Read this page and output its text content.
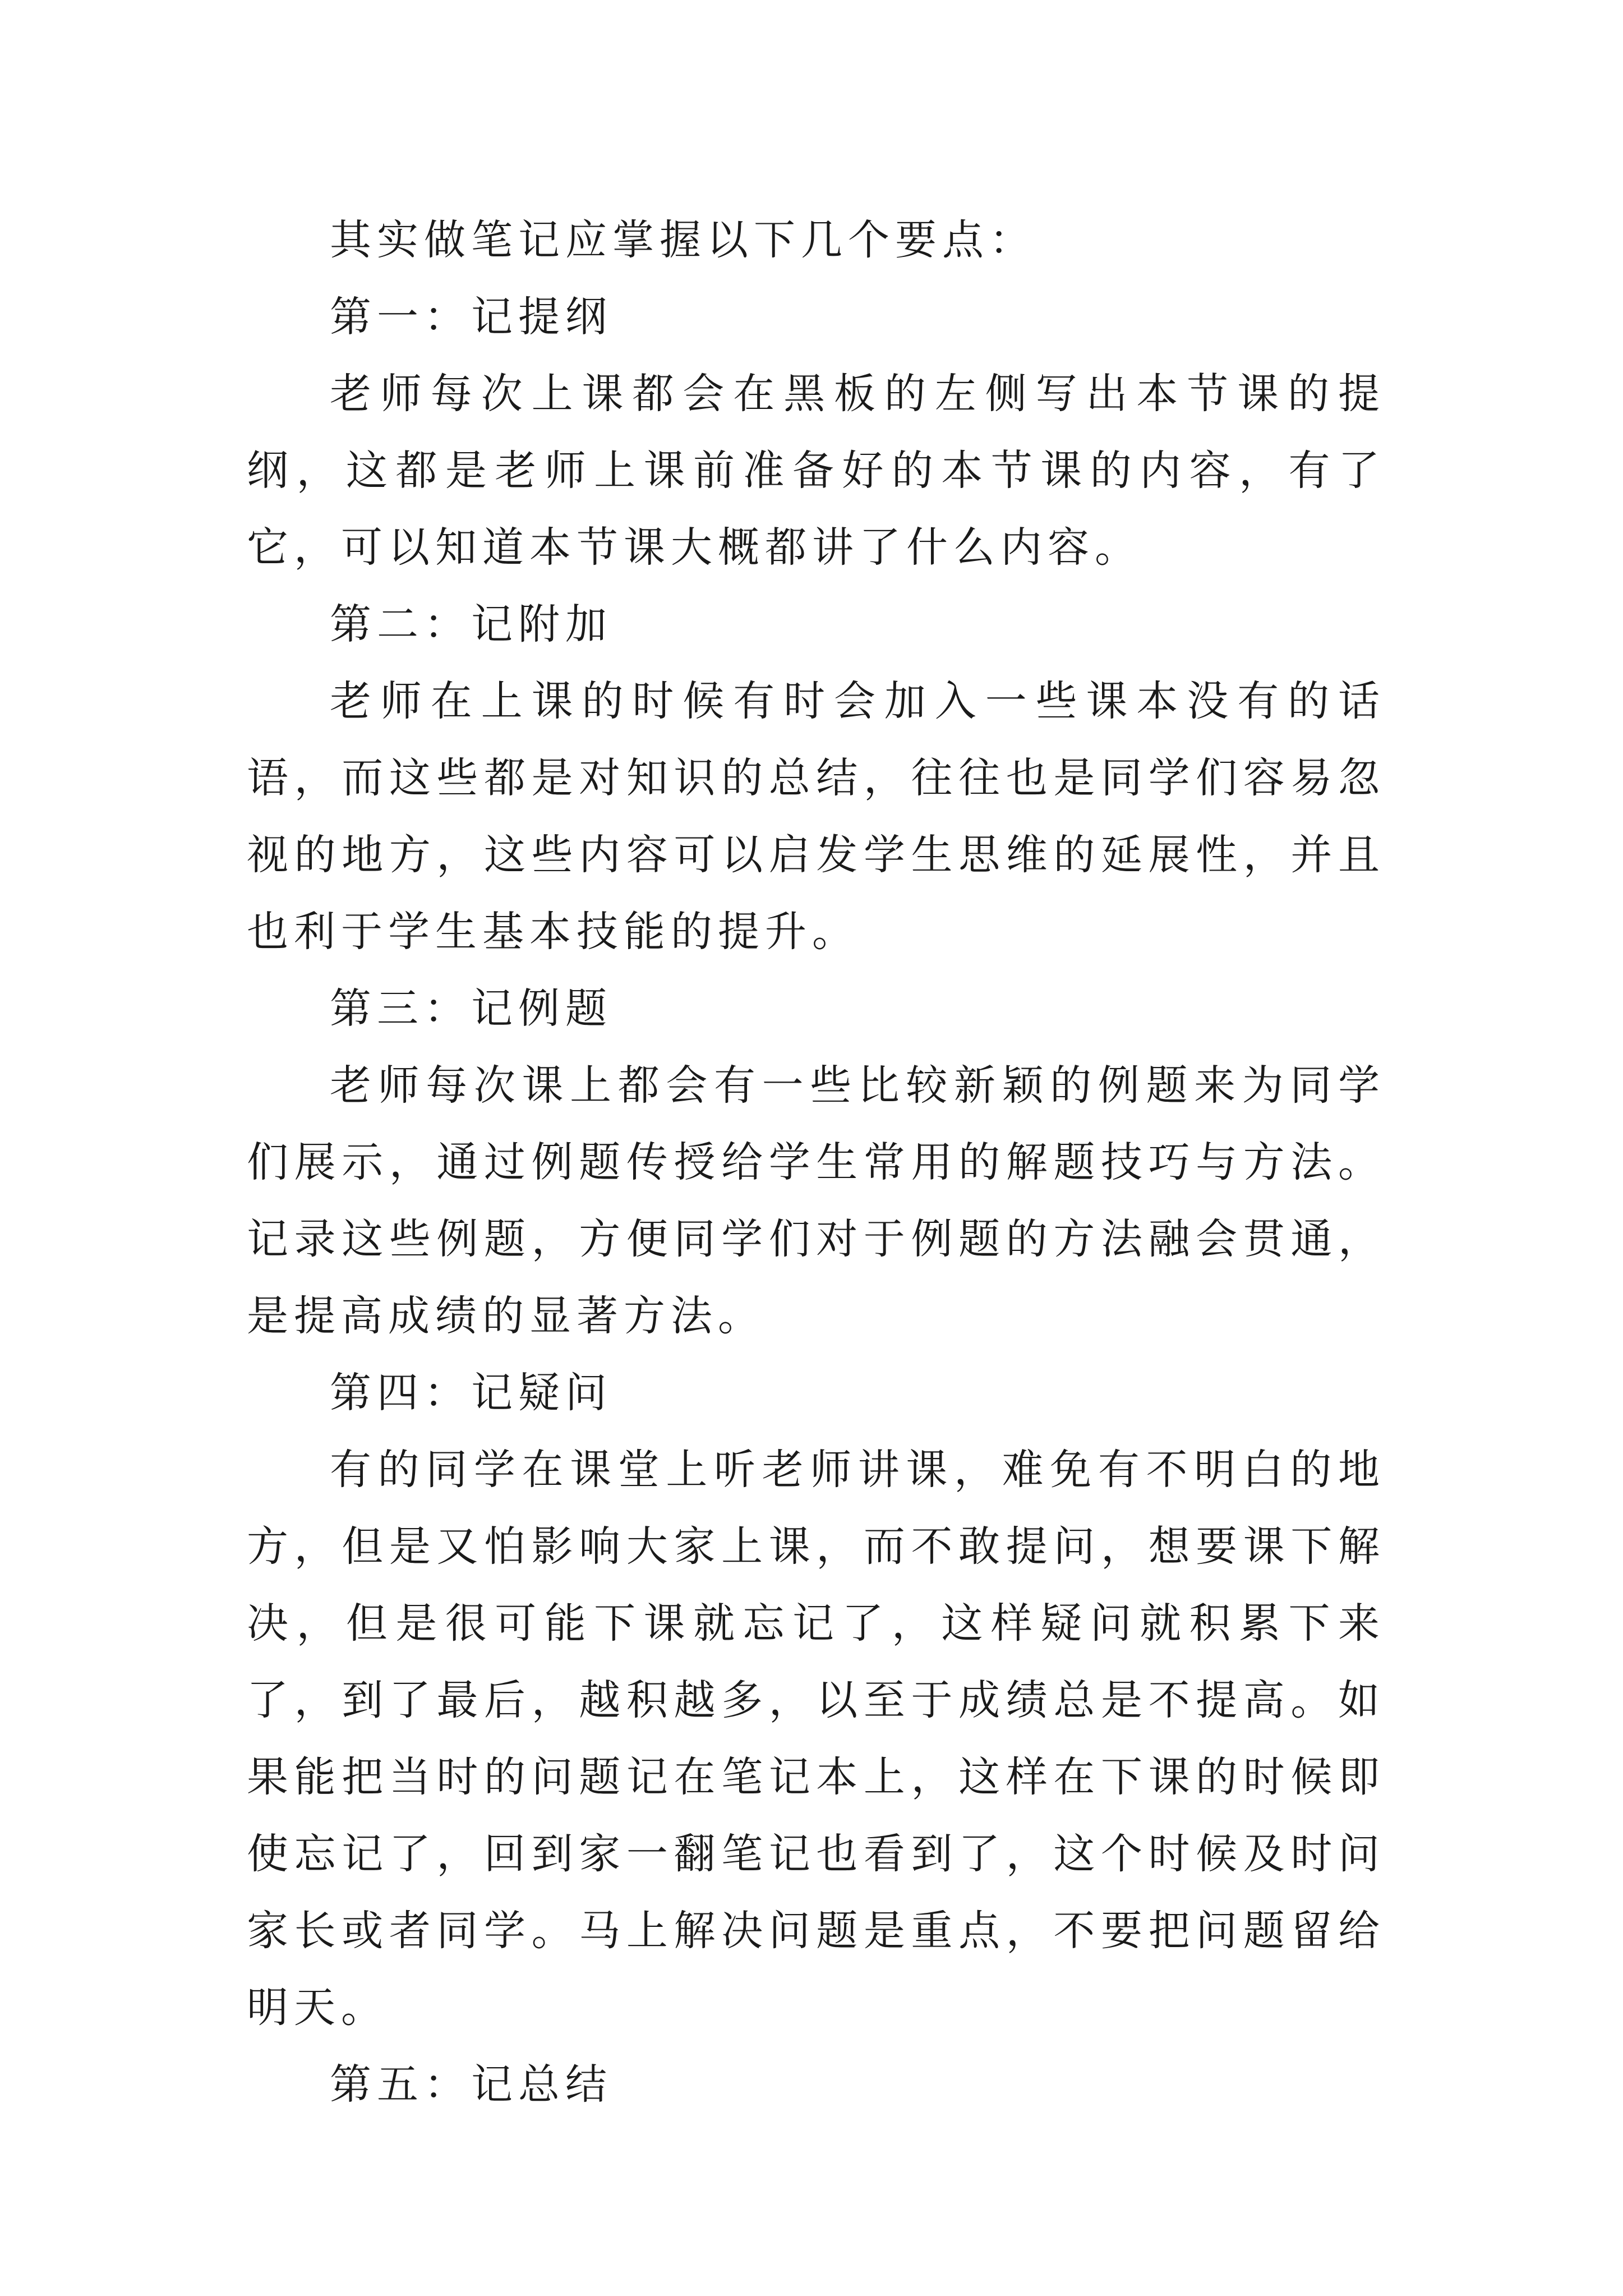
其实做笔记应掌握以下几个要点：

第一：记提纲

老师每次上课都会在黑板的左侧写出本节课的提纲，这都是老师上课前准备好的本节课的内容，有了它，可以知道本节课大概都讲了什么内容。

第二：记附加

老师在上课的时候有时会加入一些课本没有的话语，而这些都是对知识的总结，往往也是同学们容易忽视的地方，这些内容可以启发学生思维的延展性，并且也利于学生基本技能的提升。

第三：记例题

老师每次课上都会有一些比较新颖的例题来为同学们展示，通过例题传授给学生常用的解题技巧与方法。记录这些例题，方便同学们对于例题的方法融会贯通，是提高成绩的显著方法。

第四：记疑问

有的同学在课堂上听老师讲课，难免有不明白的地方，但是又怕影响大家上课，而不敢提问，想要课下解决，但是很可能下课就忘记了，这样疑问就积累下来了，到了最后，越积越多，以至于成绩总是不提高。如果能把当时的问题记在笔记本上，这样在下课的时候即使忘记了，回到家一翻笔记也看到了，这个时候及时问家长或者同学。马上解决问题是重点，不要把问题留给明天。

第五：记总结
